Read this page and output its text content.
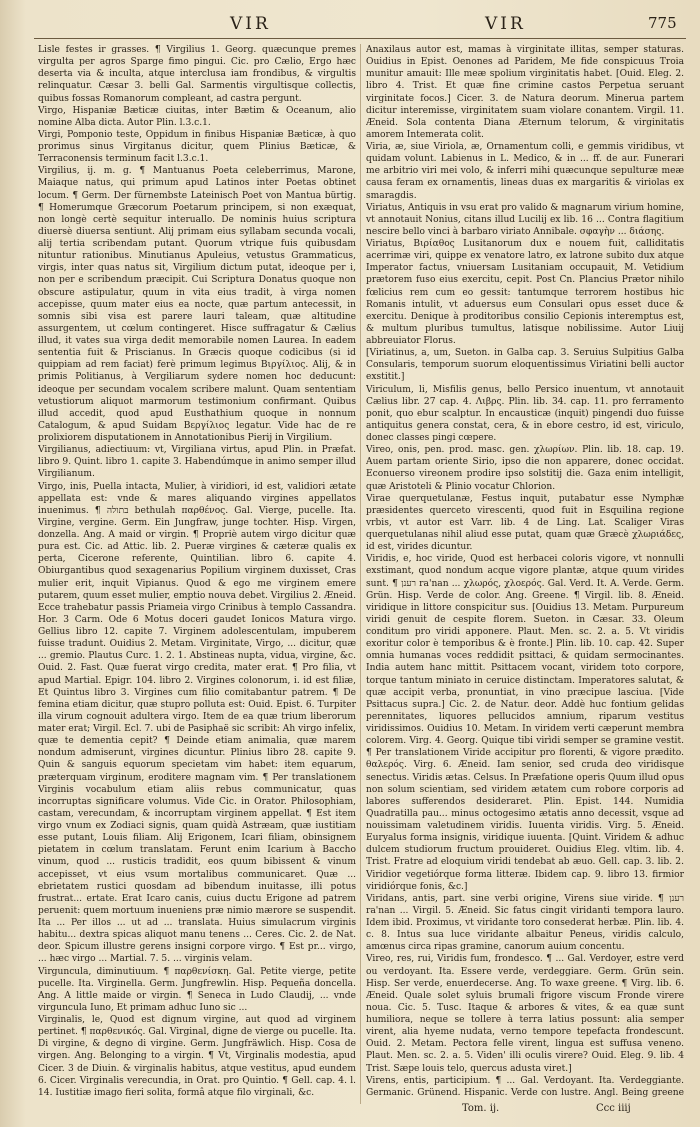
VIR	VIR	775

Lisle festes ir grasses. ¶ Virgilius 1. Georg. quæcunque premes virgulta per agros Sparge fimo pingui. Cic. pro Cælio, Ergo hæc deserta via & inculta, atque interclusa iam frondibus, & virgultis relinquatur. Cæsar 3. belli Gal. Sarmentis virgultisque collectis, quibus fossas Romanorum compleant, ad castra pergunt.

Virgo, Hispaniæ Bæticæ ciuitas, inter Bætim & Oceanum, alio nomine Alba dicta. Autor Plin. l.3.c.1.

Virgi, Pomponio teste, Oppidum in finibus Hispaniæ Bæticæ, à quo prorimus sinus Virgitanus dicitur, quem Plinius Bæticæ, & Terraconensis terminum facit l.3.c.1.

Virgilius, ij. m. g. ¶ Mantuanus Poeta celeberrimus, Marone, Maiaque natus, qui primum apud Latinos inter Poetas obtinet locum. ¶ Germ. Der fürnembste Lateinisch Poet von Mantua bürtig. ¶ Homerumque Græcorum Poetarum principem, si non exæquat, non longè certè sequitur interuallo. De nominis huius scriptura diuersè diuersa sentiunt. Alij primam eius syllabam secunda vocali, alij tertia scribendam putant. Quorum vtrique fuis quibusdam nituntur rationibus. Minutianus Apuleius, vetustus Grammaticus, virgis, inter quas natus sit, Virgilium dictum putat, ideoque per i, non per e scribendum præcipit. Cui Scriptura Donatus quoque non obscure astipulatur, quum in vita eius tradit, à virga nomen accepisse, quum mater eius ea nocte, quæ partum antecessit, in somnis sibi visa est parere lauri taleam, quæ altitudine assurgentem, ut cœlum contingeret. Hisce suffragatur & Cælius illud, it vates sua virga dedit memorabile nomen Laurea. In eadem sententia fuit & Priscianus. In Græcis quoque codicibus (si id quippiam ad rem faciat) ferè primum legimus Βιργίλιος. Alij, & in primis Politianus, à Vergiliarum sydere nomen hoc deducunt: ideoque per secundam vocalem scribere malunt. Quam sententiam vetustiorum aliquot marmorum testimonium confirmant. Quibus illud accedit, quod apud Eusthathium quoque in nonnum Catalogum, & apud Suidam Βεργίλιος legatur. Vide hac de re prolixiorem disputationem in Annotationibus Pierij in Virgilium.

Virgilianus, adiectiuum: vt, Virgiliana virtus, apud Plin. in Præfat. libro 9. Quint. libro 1. capite 3. Habendúmque in animo semper illud Virgilianum.

Virgo, inis, Puella intacta, Mulier, à viridiori, id est, validiori ætate appellata est: vnde & mares aliquando virgines appellatos inuenimus. ¶ בתולה bethulah παρθένος. Gal. Vierge, pucelle. Ita. Virgine, vergine. Germ. Ein Jungfraw, junge tochter. Hisp. Virgen, donzella. Ang. A maid or virgin. ¶ Propriè autem virgo dicitur quæ pura est. Cic. ad Attic. lib. 2. Pueræ virgines & cæteræ qualis ex perta, Cicerone referente, Quintilian. libro 6. capite 4. Obiurgantibus quod sexagenarius Popilium virginem duxisset, Cras mulier erit, inquit Vipianus. Quod & ego me virginem emere putarem, quum esset mulier, emptio nouva debet. Virgilius 2. Æneid. Ecce trahebatur passis Priameia virgo Crinibus à templo Cassandra. Hor. 3 Carm. Ode 6 Motus doceri gaudet Ionicos Matura virgo. Gellius libro 12. capite 7. Virginem adolescentulam, impuberem fuisse tradunt. Ouidius 2. Metam. Virginitate, Virgo, ... dicitur, quæ ... gremio. Plautus Curc. 1. 2. 1. Abstineas nupta, vidua, virgine, &c. Ouid. 2. Fast. Quæ fuerat virgo credita, mater erat. ¶ Pro filia, vt apud Martial. Epigr. 104. libro 2. Virgines colonorum, i. id est filiæ, Et Quintus libro 3. Virgines cum filio comitabantur patrem. ¶ De femina etiam dicitur, quæ stupro polluta est: Ouid. Epist. 6. Turpiter illa virum cognouit adultera virgo. Item de ea quæ trium liberorum mater erat; Virgil. Ecl. 7. ubi de Pasiphaë sic scribit: Ah virgo infelix, quæ te dementia cepit? ¶ Deinde etiam animalia, quæ marem nondum admiserunt, virgines dicuntur. Plinius libro 28. capite 9. Quin & sanguis equorum specietam vim habet: item equarum, præterquam virginum, eroditere magnam vim. ¶ Per translationem Virginis vocabulum etiam aliis rebus communicatur, quas incorruptas significare volumus. Vide Cic. in Orator. Philosophiam, castam, verecundam, & incorruptam virginem appellat. ¶ Est item virgo vnum ex Zodiaci signis, quam quidà Astræam, quæ iustitiam esse putant, Louis filiam. Alij Erigonem, Icari filiam, obinsignem pietatem in cœlum translatam. Ferunt enim Icarium à Baccho vinum, quod ... rusticis tradidit, eos quum bibissent & vinum accepisset, vt eius vsum mortalibus communicaret. Quæ ... ebrietatem rustici quosdam ad bibendum inuitasse, illi potus frustrat... ertate. Erat Icaro canis, cuius ductu Erigone ad patrem peruenit: quem mortuum inueniens præ nimio mærore se suspendit. Ita ... Per illos ... ut ad ... translata. Huius simulacrum virginis habitu... dextra spicas aliquot manu tenens ... Ceres. Cic. 2. de Nat. deor. Spicum illustre gerens insigni corpore virgo. ¶ Est pr... virgo, ... hæc virgo ... Martial. 7. 5. ... virginis velam.

Virguncula, diminutiuum. ¶ παρθενίσκη. Gal. Petite vierge, petite pucelle. Ita. Virginella. Germ. Jungfrewlin. Hisp. Pequeña doncella. Ang. A little maide or virgin. ¶ Seneca in Ludo Claudij, ... vnde virguncula Iuno, Et primam adhuc Iuno sic ...

Virginalis, le, Quod est dignum virgine, aut quod ad virginem pertinet. ¶ παρθενικός. Gal. Virginal, digne de vierge ou pucelle. Ita. Di virgine, & degno di virgine. Germ. Jungfräwlich. Hisp. Cosa de virgen. Ang. Belonging to a virgin. ¶ Vt, Virginalis modestia, apud Cicer. 3 de Diuin. & virginalis habitus, atque vestitus, apud eundem 6. Cicer. Virginalis verecundia, in Orat. pro Quintio. ¶ Gell. cap. 4. l. 14. Iustitiæ imago fieri solita, formâ atque filo virginali, &c.

Anaxilaus autor est, mamas à virginitate illitas, semper staturas. Ouidius in Epist. Oenones ad Paridem, Me fide conspicuus Troia munitur amauit: Ille meæ spolium virginitatis habet. [Ouid. Eleg. 2. libro 4. Trist. Et quæ fine crimine castos Perpetua seruant virginitate focos.] Cicer. 3. de Natura deorum. Minerua partem dicitur interemisse, virginitatem suam violare conantem. Virgil. 11. Æneid. Sola contenta Diana Æternum telorum, & virginitatis amorem Intemerata colit.

Viria, æ, siue Viriola, æ, Ornamentum colli, e gemmis viridibus, vt quidam volunt. Labienus in L. Medico, & in ... ff. de aur. Funerari me arbitrio viri mei volo, & inferri mihi quæcunque sepulturæ meæ causa feram ex ornamentis, lineas duas ex margaritis & viriolas ex smaragdis.

Viriatus, Antiquis in vsu erat pro valido & magnarum virium homine, vt annotauit Nonius, citans illud Lucilij ex lib. 16 ... Contra flagitium nescire bello vinci à barbaro viriato Annibale. σφαγὴν ... διάσης.

Viriatus, Βιρίαθος Lusitanorum dux e nouem fuit, calliditatis acerrimæ viri, quippe ex venatore latro, ex latrone subito dux atque Imperator factus, vniuersam Lusitaniam occupauit, M. Vetidium prætorem fuso eius exercitu, cepit. Post Cn. Plancius Prætor nihilo fœlicius rem cum eo gessit: tantumque terrorem hostibus hic Romanis intulit, vt aduersus eum Consulari opus esset duce & exercitu. Denique à proditoribus consilio Cepionis interemptus est, & multum pluribus tumultus, latisque nobilissime. Autor Liuij abbreuiator Florus.

[Viriatinus, a, um, Sueton. in Galba cap. 3. Seruius Sulpitius Galba Consularis, temporum suorum eloquentissimus Viriatini belli auctor exstitit.]

Viriculum, li, Misfilis genus, bello Persico inuentum, vt annotauit Cælius libr. 27 cap. 4. Λιβρς. Plin. lib. 34. cap. 11. pro ferramento ponit, quo ebur scalptur. In encausticæ (inquit) pingendi duo fuisse antiquitus genera constat, cera, & in ebore cestro, id est, viriculo, donec classes pingi cœpere.

Vireo, onis, pen. prod. masc. gen. χλωρίων. Plin. lib. 18. cap. 19. Auem partam oriente Sirio, ipso die non apparere, donec occidat. Econuerso vireonem prodire ipso solstitij die. Gaza enim intelligit, quæ Aristoteli & Plinio vocatur Chlorion.

Virae querquetulanæ, Festus inquit, putabatur esse Nymphæ præsidentes querceto virescenti, quod fuit in Esquilina regione vrbis, vt autor est Varr. lib. 4 de Ling. Lat. Scaliger Viras querquetulanas nihil aliud esse putat, quam quæ Græcè χλωριάδες, id est, virides dicuntur.

Viridis, e, hoc viride, Quod est herbacei coloris vigore, vt nonnulli exstimant, quod nondum acque vigore plantæ, atque quum virides sunt. ¶ רענן ra'nan ... χλωρός, χλοερός. Gal. Verd. It. A. Verde. Germ. Grün. Hisp. Verde de color. Ang. Greene. ¶ Virgil. lib. 8. Æneid. viridique in littore conspicitur sus. [Ouidius 13. Metam. Purpureum viridi genuit de cespite florem. Sueton. in Cæsar. 33. Oleum conditum pro viridi apponere. Plaut. Men. sc. 2. a. 5. Vt viridis exoritur color è temporibus & è fronte.] Plin. lib. 10. cap. 42. Super omnia humanas voces reddidit psittaci, & quidam sermocinantes. India autem hanc mittit. Psittacem vocant, viridem toto corpore, torque tantum miniato in ceruice distinctam. Imperatores salutat, & quæ accipit verba, pronuntiat, in vino præcipue lasciua. [Vide Psittacus supra.] Cic. 2. de Natur. deor. Addè huc fontium gelidas perennitates, liquores pellucidos amnium, riparum vestitus viridissimos. Ouidius 10. Metam. In viridem verti cæperunt membra colorem. Virg. 4. Georg. Quique tibi virìdi semper se gramine vestit. ¶ Per translationem Viride accipitur pro florenti, & vigore prædito. θαλερός. Virg. 6. Æneid. Iam senior, sed cruda deo viridisque senectus. Viridis ætas. Celsus. In Præfatione operis Quum illud opus non solum scientiam, sed viridem ætatem cum robore corporis ad labores sufferendos desideraret. Plin. Epist. 144. Numidia Quadratilla pau... minus octogesimo ætatis anno decessit, vsque ad nouissimam valetudinem viridis. Iuuenta viridis. Virg. 5. Æneid. Euryalus forma insignis, viridique iuuenta. [Quint. Viridem & adhuc dulcem studiorum fructum prouideret. Ouidius Eleg. vltim. lib. 4. Trist. Fratre ad eloquium viridi tendebat ab æuo. Gell. cap. 3. lib. 2. Viridior vegetiórque forma litteræ. Ibidem cap. 9. libro 13. firmior viridiórque fonis, &c.]

Viridans, antis, part. sine verbi origine, Virens siue viride. ¶ רענן ra'nan ... Virgil. 5. Æneid. Sic fatus cingit viridanti tempora lauro. Idem ibid. Proximus, vt viridante toro consederat herbæ. Plin. lib. 4. c. 8. Intus sua luce viridante albaitur Peneus, viridis calculo, amœnus circa ripas gramine, canorum auium concentu.

Vireo, res, rui, Viridis fum, frondesco. ¶ ... Gal. Verdoyer, estre verd ou verdoyant. Ita. Essere verde, verdeggiare. Germ. Grün sein. Hisp. Ser verde, enuerdecerse. Ang. To waxe greene. ¶ Virg. lib. 6. Æneid. Quale solet syluis brumali frigore viscum Fronde virere noua. Cic. 5. Tusc. Itaque & arbores & vites, & ea quæ sunt humiliora, neque se tollere à terra latius possunt: alia semper virent, alia hyeme nudata, verno tempore tepefacta frondescunt. Ouid. 2. Metam. Pectora felle virent, lingua est suffusa veneno. Plaut. Men. sc. 2. a. 5. Viden' illi oculis virere? Ouid. Eleg. 9. lib. 4 Trist. Sæpe louis telo, quercus adusta viret.]

Virens, entis, participium. ¶ ... Gal. Verdoyant. Ita. Verdeggiante. Germanic. Grünend. Hispanic. Verde con lustre. Angl. Being greene

Tom. ij.	Ccc iiij
